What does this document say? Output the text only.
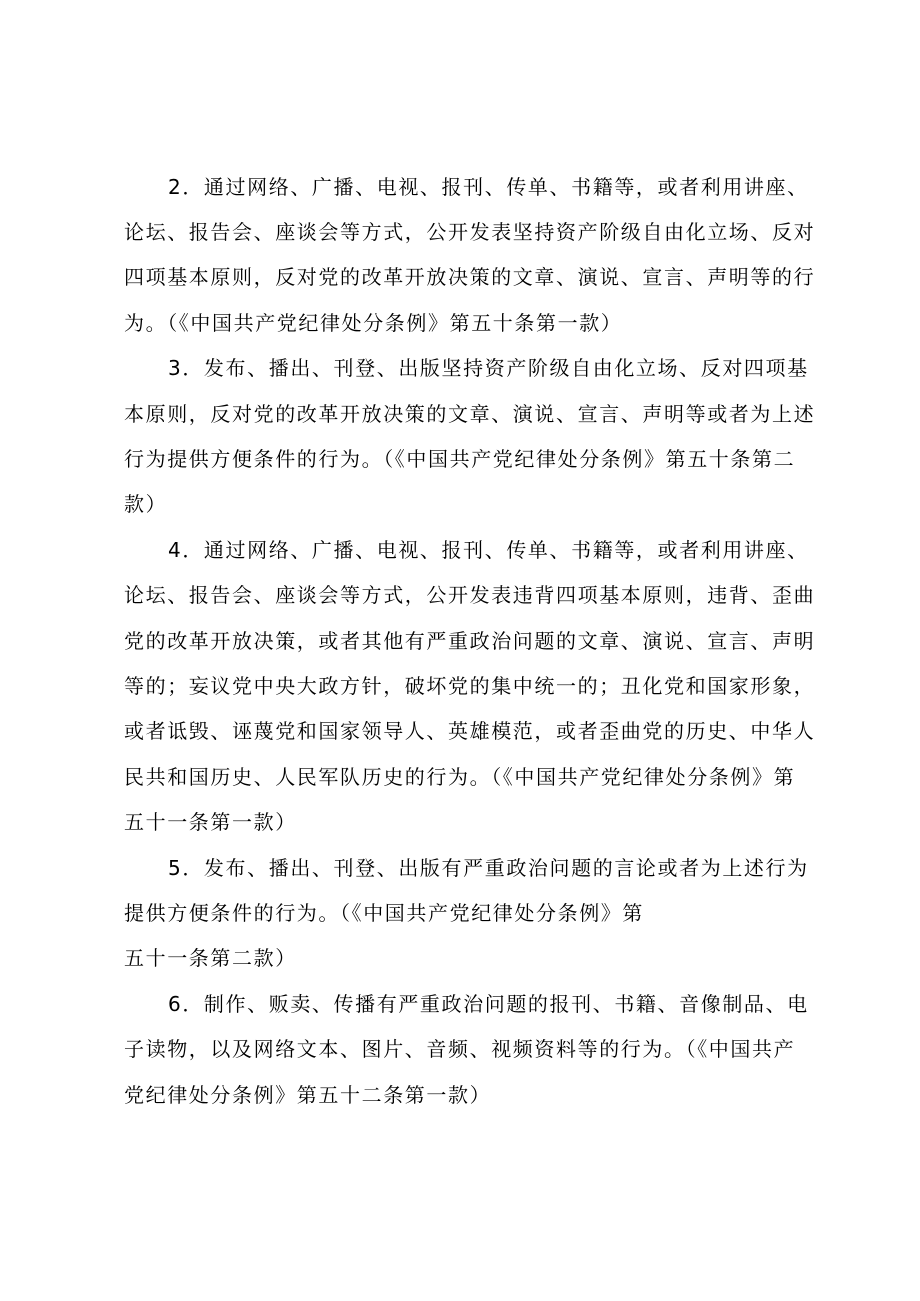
2．通过网络、广播、电视、报刊、传单、书籍等，或者利用讲座、
论坛、报告会、座谈会等方式，公开发表坚持资产阶级自由化立场、反对
四项基本原则，反对党的改革开放决策的文章、演说、宣言、声明等的行
为。（《中国共产党纪律处分条例》第五十条第一款）
3．发布、播出、刊登、出版坚持资产阶级自由化立场、反对四项基
本原则，反对党的改革开放决策的文章、演说、宣言、声明等或者为上述
行为提供方便条件的行为。（《中国共产党纪律处分条例》第五十条第二
款）
4．通过网络、广播、电视、报刊、传单、书籍等，或者利用讲座、
论坛、报告会、座谈会等方式，公开发表违背四项基本原则，违背、歪曲
党的改革开放决策，或者其他有严重政治问题的文章、演说、宣言、声明
等的；妄议党中央大政方针，破坏党的集中统一的；丑化党和国家形象，
或者诋毁、诬蔑党和国家领导人、英雄模范，或者歪曲党的历史、中华人
民共和国历史、人民军队历史的行为。（《中国共产党纪律处分条例》第
五十一条第一款）
5．发布、播出、刊登、出版有严重政治问题的言论或者为上述行为
提供方便条件的行为。（《中国共产党纪律处分条例》第
五十一条第二款）
6．制作、贩卖、传播有严重政治问题的报刊、书籍、音像制品、电
子读物，以及网络文本、图片、音频、视频资料等的行为。（《中国共产
党纪律处分条例》第五十二条第一款）
